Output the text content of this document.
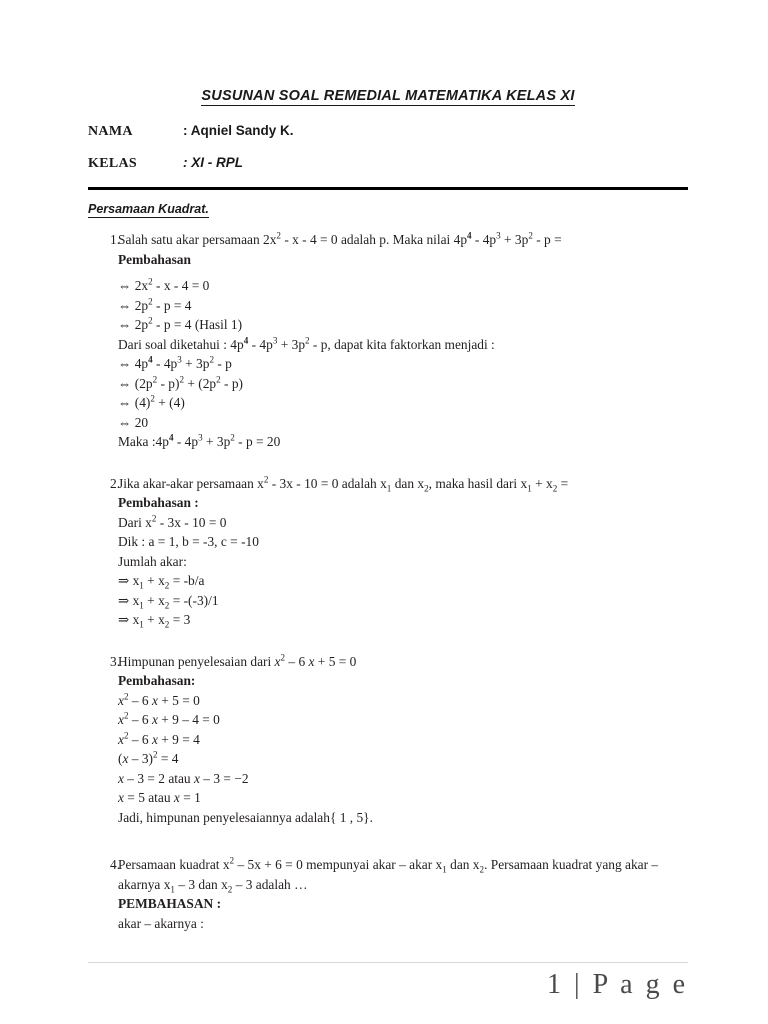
SUSUNAN SOAL REMEDIAL MATEMATIKA KELAS XI
NAMA	: Aqniel Sandy K.
KELAS	: XI - RPL
Persamaan Kuadrat.
1.
Salah satu akar persamaan $2x^2 - x - 4 = 0$ adalah p. Maka nilai $4p^4 - 4p^3 + 3p^2 - p$ =
Pembahasan
⇔ $2x^2 - x - 4 = 0$
⇔ $2p^2 - p = 4$
⇔ $2p^2 - p = 4$ (Hasil 1)
Dari soal diketahui : $4p^4 - 4p^3 + 3p^2 - p$, dapat kita faktorkan menjadi :
⇔ $4p^4 - 4p^3 + 3p^2 - p$
⇔ $(2p^2 - p)^2 + (2p^2 - p)$
⇔ $(4)^2 + (4)$
⇔ 20
Maka $:4p^4 - 4p^3 + 3p^2 - p = 20$
2.
Jika akar-akar persamaan $x^2 - 3x - 10 = 0$ adalah $x_1$ dan $x_2$, maka hasil dari $x_1 + x_2$ =
Pembahasan :
Dari $x^2 - 3x - 10 = 0$
Dik : a = 1, b = -3, c = -10
Jumlah akar:
⇒ $x_1 + x_2 = -b/a$
⇒ $x_1 + x_2 = -(-3)/1$
⇒ $x_1 + x_2 = 3$
3.
Himpunan penyelesaian dari $x^2 - 6$ x + 5 = 0
Pembahasan:
$x^2 - 6$ x + 5 = 0
$x^2 - 6$ x + 9 – 4 = 0
$x^2 - 6$ x + 9 = 4
(x – 3)$^2$ = 4
x – 3 = 2 atau x – 3 = −2
x = 5 atau x = 1
Jadi, himpunan penyelesaiannya adalah{ 1 , 5}.
4.
Persamaan kuadrat $x^2 - 5x + 6 = 0$ mempunyai akar – akar $x_1$ dan $x_2$. Persamaan kuadrat yang akar – akarnya $x_1 - 3$ dan $x_2 - 3$ adalah …
PEMBAHASAN :
akar – akarnya :
1 | P a g e
